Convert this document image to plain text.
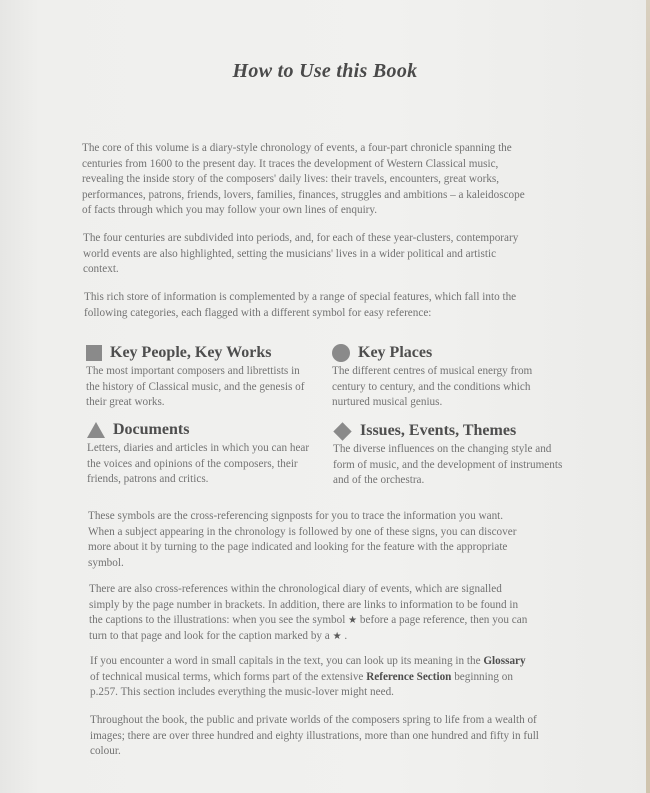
How to Use this Book

The core of this volume is a diary-style chronology of events, a four-part chronicle spanning the centuries from 1600 to the present day. It traces the development of Western Classical music, revealing the inside story of the composers' daily lives: their travels, encounters, great works, performances, patrons, friends, lovers, families, finances, struggles and ambitions – a kaleidoscope of facts through which you may follow your own lines of enquiry.

The four centuries are subdivided into periods, and, for each of these year-clusters, contemporary world events are also highlighted, setting the musicians' lives in a wider political and artistic context.

This rich store of information is complemented by a range of special features, which fall into the following categories, each flagged with a different symbol for easy reference:

Key People, Key Works
The most important composers and librettists in the history of Classical music, and the genesis of their great works.
Key Places
The different centres of musical energy from century to century, and the conditions which nurtured musical genius.
Documents
Letters, diaries and articles in which you can hear the voices and opinions of the composers, their friends, patrons and critics.
Issues, Events, Themes
The diverse influences on the changing style and form of music, and the development of instruments and of the orchestra.

These symbols are the cross-referencing signposts for you to trace the information you want. When a subject appearing in the chronology is followed by one of these signs, you can discover more about it by turning to the page indicated and looking for the feature with the appropriate symbol.

There are also cross-references within the chronological diary of events, which are signalled simply by the page number in brackets. In addition, there are links to information to be found in the captions to the illustrations: when you see the symbol ★ before a page reference, then you can turn to that page and look for the caption marked by a ★ .

If you encounter a word in small capitals in the text, you can look up its meaning in the Glossary of technical musical terms, which forms part of the extensive Reference Section beginning on p.257. This section includes everything the music-lover might need.

Throughout the book, the public and private worlds of the composers spring to life from a wealth of images; there are over three hundred and eighty illustrations, more than one hundred and fifty in full colour.
